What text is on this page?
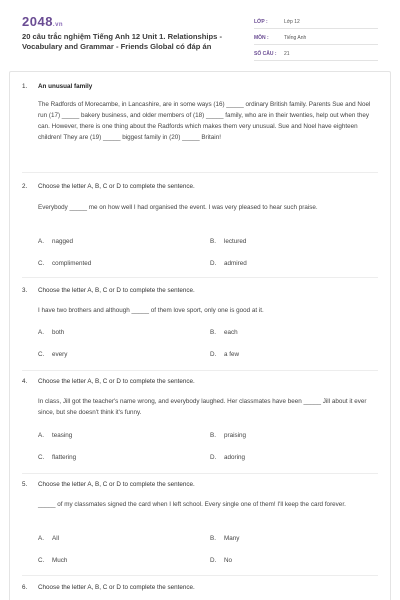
2048.vn
20 câu trắc nghiệm Tiếng Anh 12 Unit 1. Relationships - Vocabulary and Grammar - Friends Global có đáp án
LỚP :	Lớp 12
MÔN :	Tiếng Anh
SỐ CÂU :	21
1.	An unusual family
The Radfords of Morecambe, in Lancashire, are in some ways (16) _____ ordinary British family. Parents Sue and Noel run (17) _____ bakery business, and older members of (18) _____ family, who are in their twenties, help out when they can. However, there is one thing about the Radfords which makes them very unusual. Sue and Noel have eighteen children! They are (19) _____ biggest family in (20) _____ Britain!
2.	Choose the letter A, B, C or D to complete the sentence.
Everybody _____ me on how well I had organised the event. I was very pleased to hear such praise.
A. nagged	B. lectured
C. complimented	D. admired
3.	Choose the letter A, B, C or D to complete the sentence.
I have two brothers and although _____ of them love sport, only one is good at it.
A. both	B. each
C. every	D. a few
4.	Choose the letter A, B, C or D to complete the sentence.
In class, Jill got the teacher's name wrong, and everybody laughed. Her classmates have been _____ Jill about it ever since, but she doesn't think it's funny.
A. teasing	B. praising
C. flattering	D. adoring
5.	Choose the letter A, B, C or D to complete the sentence.
_____ of my classmates signed the card when I left school. Every single one of them! I'll keep the card forever.
A. All	B. Many
C. Much	D. No
6.	Choose the letter A, B, C or D to complete the sentence.
